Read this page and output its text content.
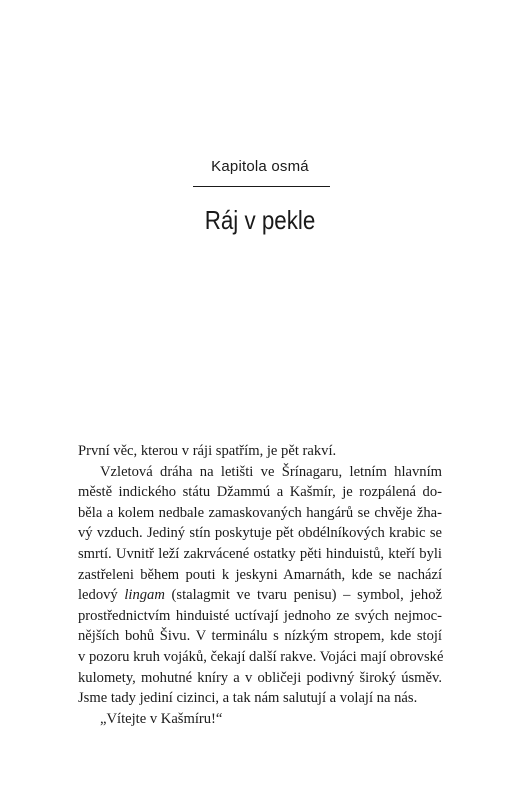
Kapitola osmá
Ráj v pekle
První věc, kterou v ráji spatřím, je pět rakví.
Vzletová dráha na letišti ve Šrínagaru, letním hlavním
městě indického státu Džammú a Kašmír, je rozpálená do-
běla a kolem nedbale zamaskovaných hangárů se chvěje žha-
vý vzduch. Jediný stín poskytuje pět obdélníkových krabic se
smrtí. Uvnitř leží zakrvácené ostatky pěti hinduistů, kteří byli
zastřeleni během pouti k jeskyni Amarnáth, kde se nachází
ledový lingam (stalagmit ve tvaru penisu) – symbol, jehož
prostřednictvím hinduisté uctívají jednoho ze svých nejmoc-
nějších bohů Šivu. V terminálu s nízkým stropem, kde stojí
v pozoru kruh vojáků, čekají další rakve. Vojáci mají obrovské
kulomety, mohutné kníry a v obličeji podivný široký úsměv.
Jsme tady jediní cizinci, a tak nám salutují a volají na nás.
„Vítejte v Kašmíru!“
